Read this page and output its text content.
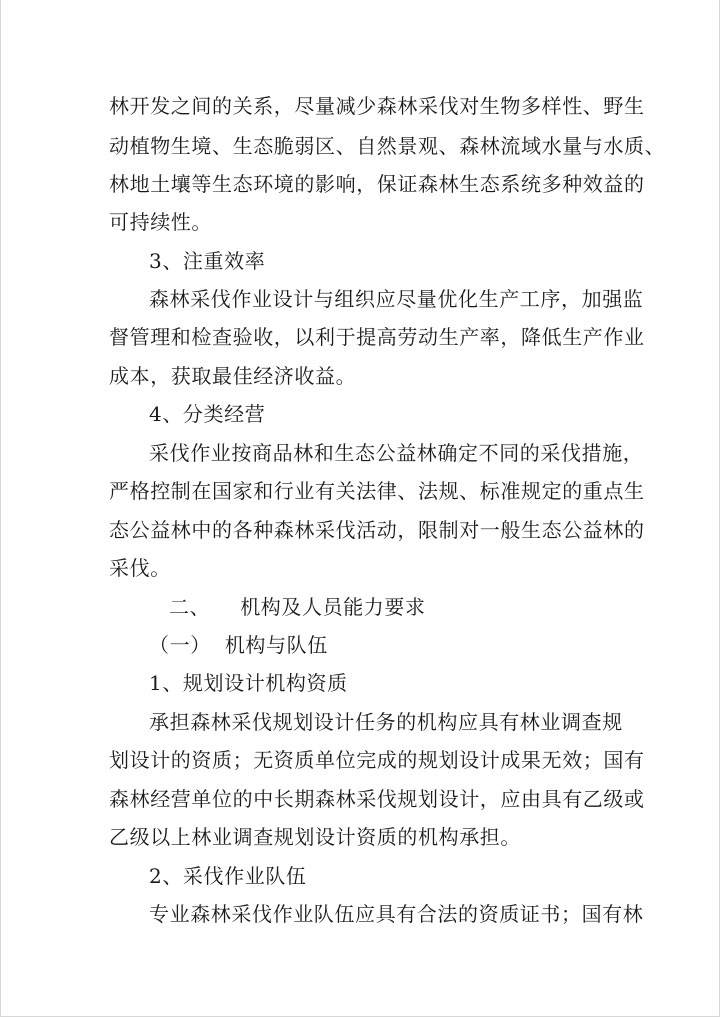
林开发之间的关系，尽量减少森林采伐对生物多样性、野生
动植物生境、生态脆弱区、自然景观、森林流域水量与水质、
林地土壤等生态环境的影响，保证森林生态系统多种效益的
可持续性。
3、注重效率
森林采伐作业设计与组织应尽量优化生产工序，加强监
督管理和检查验收，以利于提高劳动生产率，降低生产作业
成本，获取最佳经济收益。
4、分类经营
采伐作业按商品林和生态公益林确定不同的采伐措施，
严格控制在国家和行业有关法律、法规、标准规定的重点生
态公益林中的各种森林采伐活动，限制对一般生态公益林的
采伐。
二、 机构及人员能力要求
（一） 机构与队伍
1、规划设计机构资质
承担森林采伐规划设计任务的机构应具有林业调查规
划设计的资质；无资质单位完成的规划设计成果无效；国有
森林经营单位的中长期森林采伐规划设计，应由具有乙级或
乙级以上林业调查规划设计资质的机构承担。
2、采伐作业队伍
专业森林采伐作业队伍应具有合法的资质证书；国有林
